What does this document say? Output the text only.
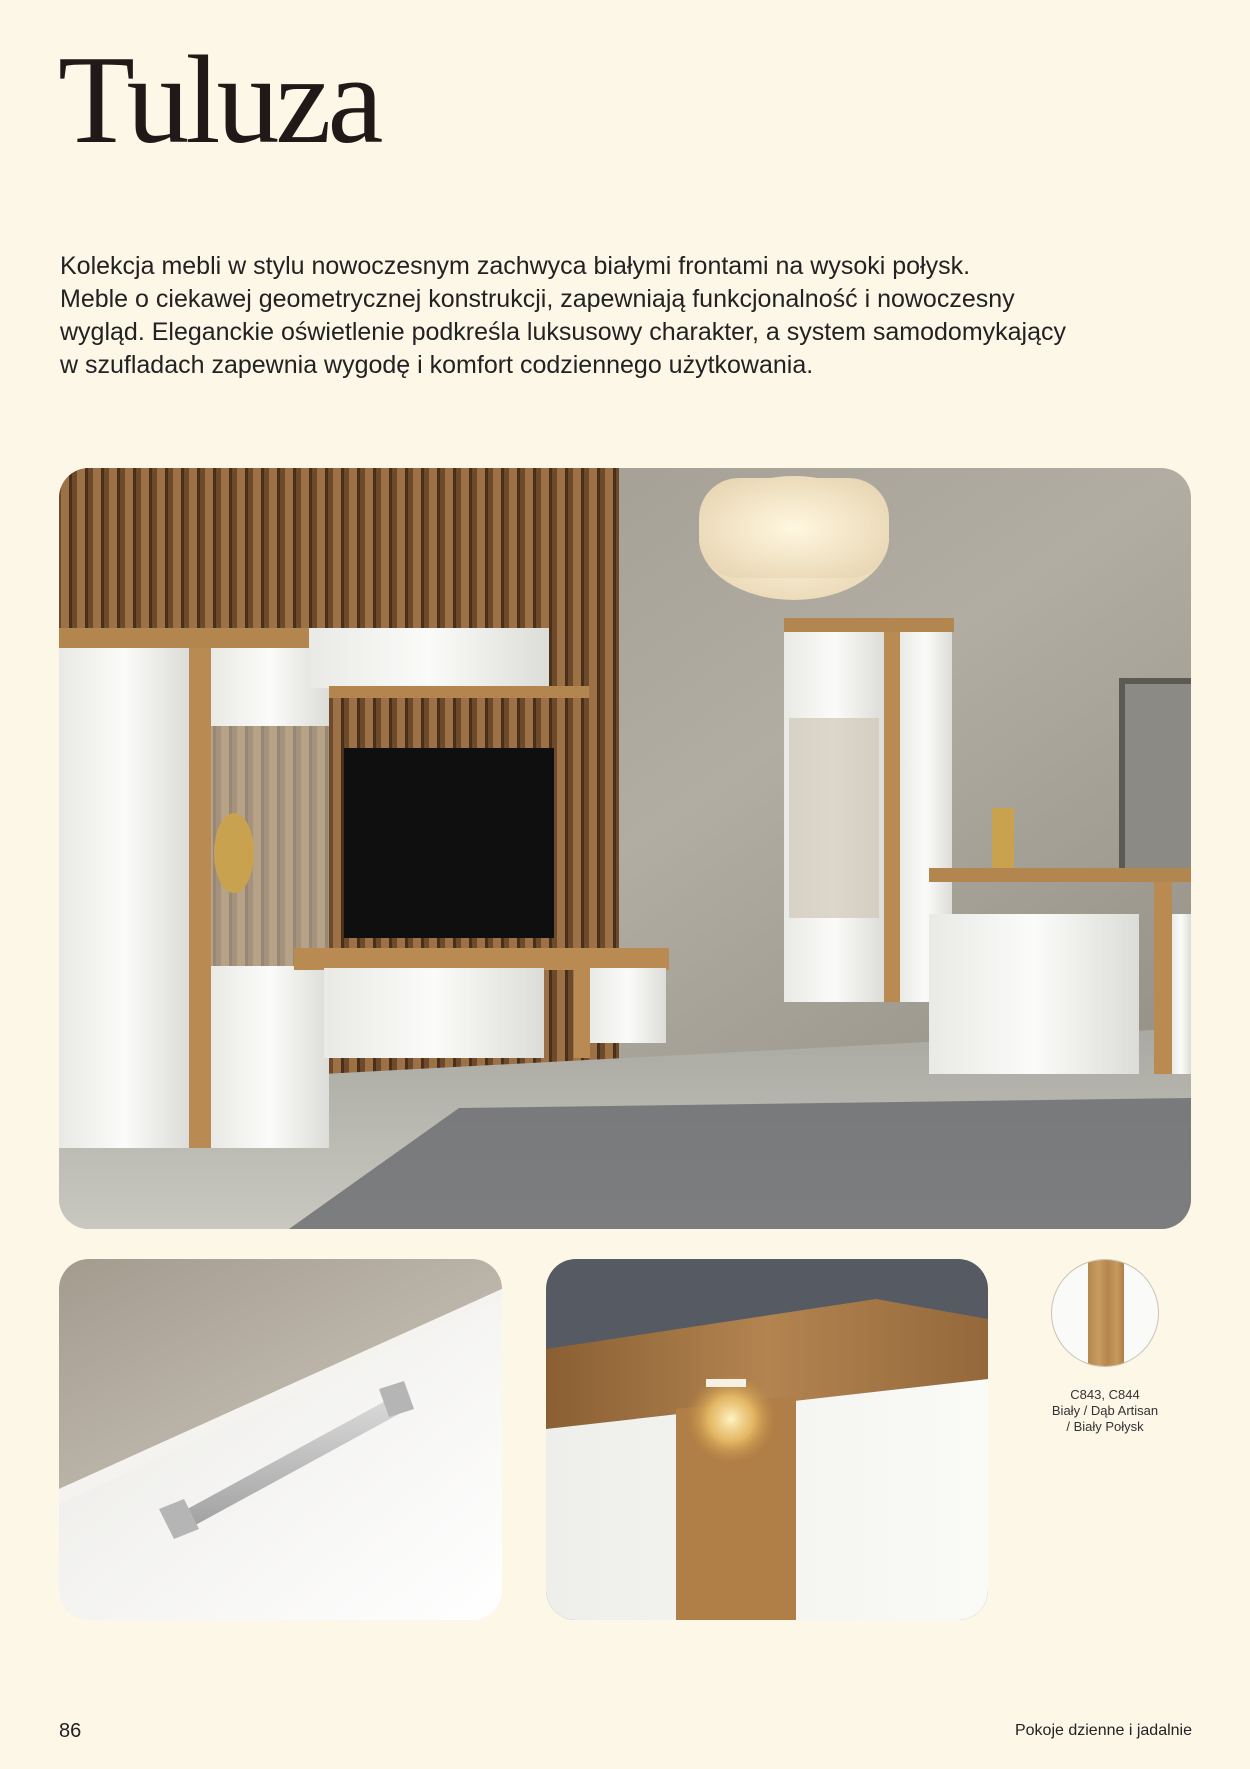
Tuluza

Kolekcja mebli w stylu nowoczesnym zachwyca białymi frontami na wysoki połysk.

Meble o ciekawej geometrycznej konstrukcji, zapewniają funkcjonalność i nowoczesny

wygląd. Eleganckie oświetlenie podkreśla luksusowy charakter, a system samodomykający

w szufladach zapewnia wygodę i komfort codziennego użytkowania.

C843, C844
Biały / Dąb Artisan
/ Biały Połysk
86	Pokoje dzienne i jadalnie
